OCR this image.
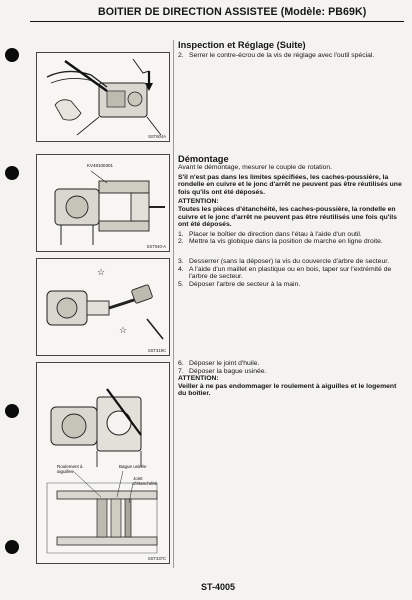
BOITIER DE DIRECTION ASSISTEE (Modèle: PB69K)
SST604A
KV48100301
SST040-A
☆
☆
SST319C
Roulement à aiguilles
Bague usinée
Joint d'étanchéité
SST337C
Inspection et Réglage (Suite)
2. Serrer le contre-écrou de la vis de réglage avec l'outil spécial.
Démontage
Avant le démontage, mesurer le couple de rotation.
S'il n'est pas dans les limites spécifiées, les caches-poussière, la rondelle en cuivre et le jonc d'arrêt ne peuvent pas être réutilisés une fois qu'ils ont été déposés.
ATTENTION:
Toutes les pièces d'étanchéité, les caches-poussière, la rondelle en cuivre et le jonc d'arrêt ne peuvent pas être réutilisés une fois qu'ils ont été déposés.
1. Placer le boîtier de direction dans l'étau à l'aide d'un outil.
2. Mettre la vis globique dans la position de marche en ligne droite.
3. Desserrer (sans la déposer) la vis du couvercle d'arbre de secteur.
4. A l'aide d'un maillet en plastique ou en bois, taper sur l'extrémité de l'arbre de secteur.
5. Déposer l'arbre de secteur à la main.
6. Déposer le joint d'huile.
7. Déposer la bague usinée.
ATTENTION:
Veiller à ne pas endommager le roulement à aiguilles et le logement du boîtier.
ST-4005
